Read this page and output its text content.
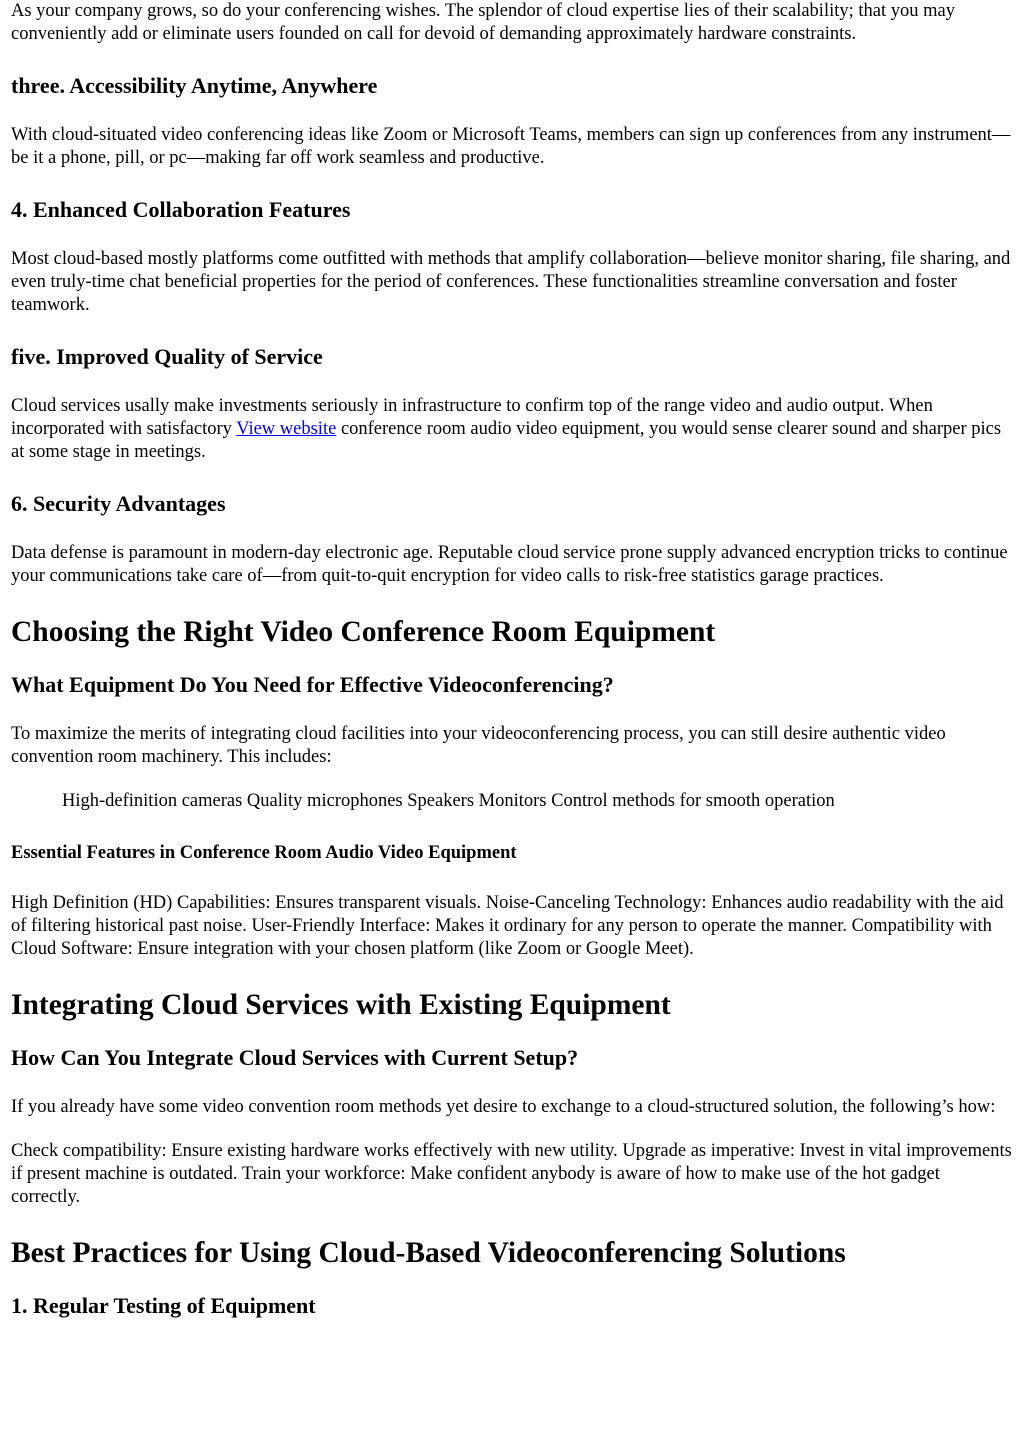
As your company grows, so do your conferencing wishes. The splendor of cloud expertise lies of their scalability; that you may conveniently add or eliminate users founded on call for devoid of demanding approximately hardware constraints.

three. Accessibility Anytime, Anywhere

With cloud-situated video conferencing ideas like Zoom or Microsoft Teams, members can sign up conferences from any instrument—be it a phone, pill, or pc—making far off work seamless and productive.

4. Enhanced Collaboration Features

Most cloud-based mostly platforms come outfitted with methods that amplify collaboration—believe monitor sharing, file sharing, and even truly-time chat beneficial properties for the period of conferences. These functionalities streamline conversation and foster teamwork.

five. Improved Quality of Service

Cloud services usally make investments seriously in infrastructure to confirm top of the range video and audio output. When incorporated with satisfactory View website conference room audio video equipment, you would sense clearer sound and sharper pics at some stage in meetings.

6. Security Advantages

Data defense is paramount in modern-day electronic age. Reputable cloud service prone supply advanced encryption tricks to continue your communications take care of—from quit-to-quit encryption for video calls to risk-free statistics garage practices.

Choosing the Right Video Conference Room Equipment
What Equipment Do You Need for Effective Videoconferencing?

To maximize the merits of integrating cloud facilities into your videoconferencing process, you can still desire authentic video convention room machinery. This includes:

High-definition cameras Quality microphones Speakers Monitors Control methods for smooth operation

Essential Features in Conference Room Audio Video Equipment

High Definition (HD) Capabilities: Ensures transparent visuals. Noise-Canceling Technology: Enhances audio readability with the aid of filtering historical past noise. User-Friendly Interface: Makes it ordinary for any person to operate the manner. Compatibility with Cloud Software: Ensure integration with your chosen platform (like Zoom or Google Meet).

Integrating Cloud Services with Existing Equipment
How Can You Integrate Cloud Services with Current Setup?

If you already have some video convention room methods yet desire to exchange to a cloud-structured solution, the following’s how:

Check compatibility: Ensure existing hardware works effectively with new utility. Upgrade as imperative: Invest in vital improvements if present machine is outdated. Train your workforce: Make confident anybody is aware of how to make use of the hot gadget correctly.

Best Practices for Using Cloud-Based Videoconferencing Solutions
1. Regular Testing of Equipment
